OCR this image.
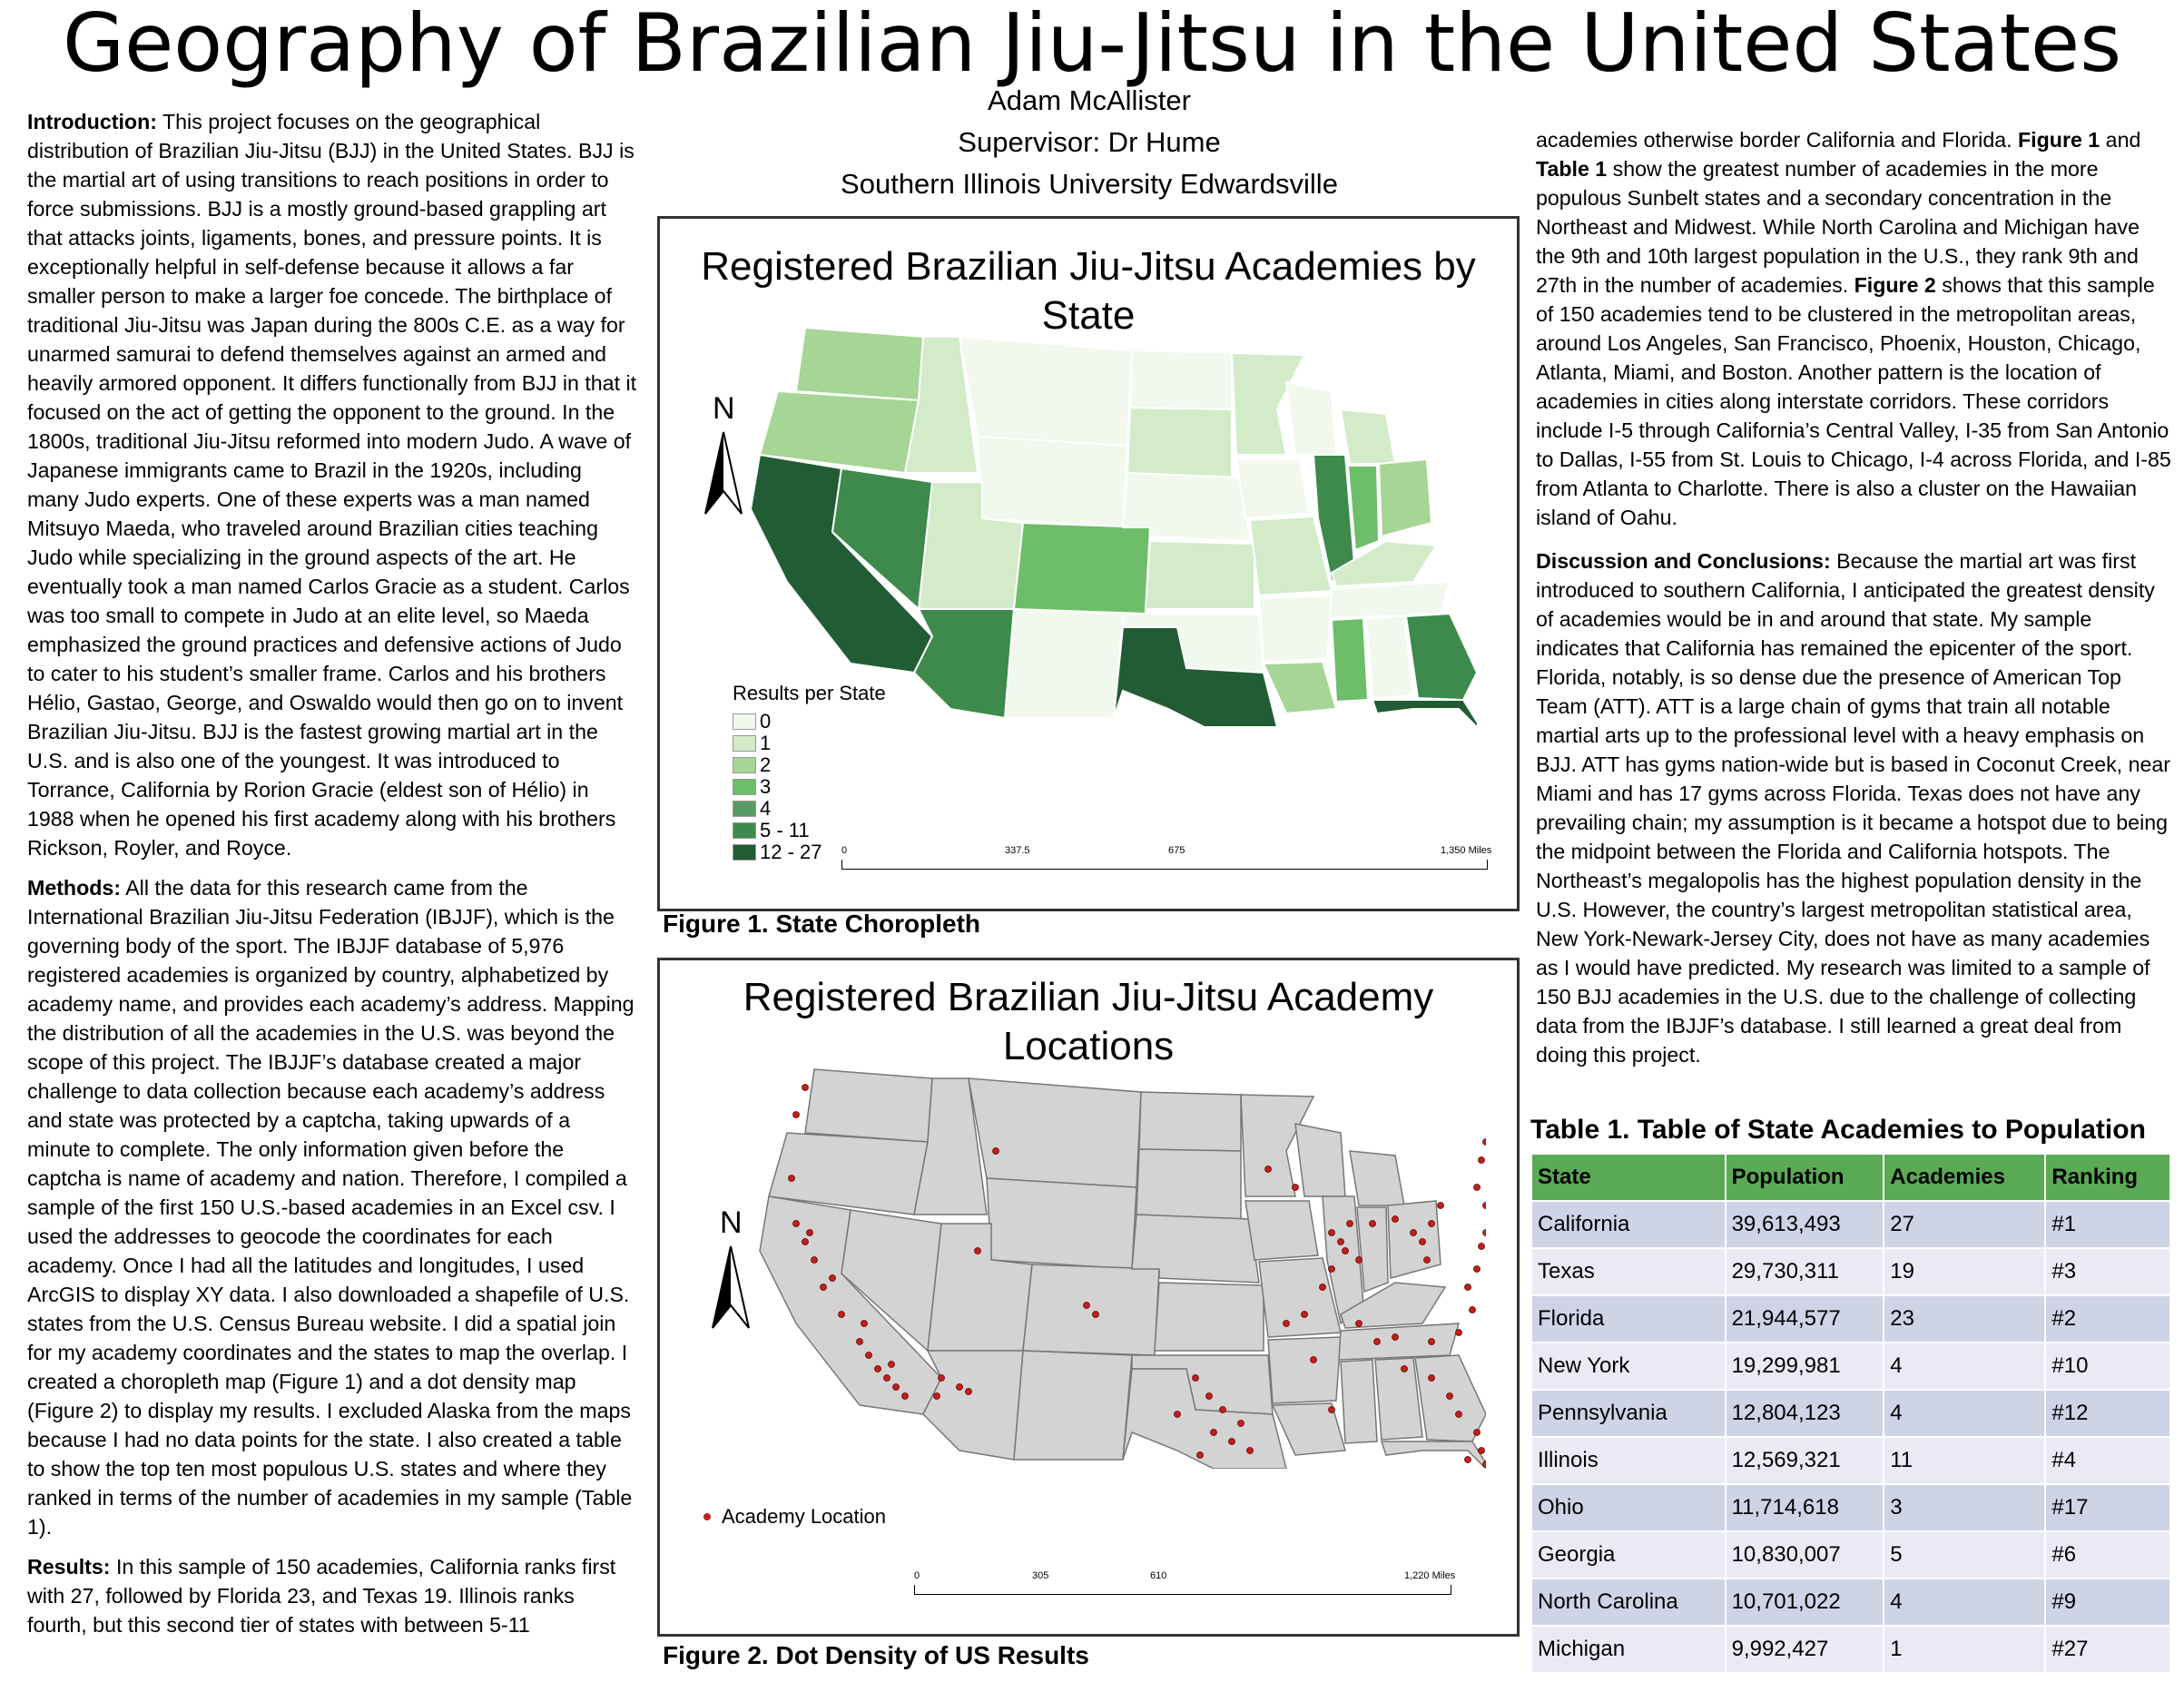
Geography of Brazilian Jiu-Jitsu in the United States
Adam McAllister
Supervisor: Dr Hume
Southern Illinois University Edwardsville

Introduction: This project focuses on the geographical distribution of Brazilian Jiu-Jitsu (BJJ) in the United States. BJJ is the martial art of using transitions to reach positions in order to force submissions. BJJ is a mostly ground-based grappling art that attacks joints, ligaments, bones, and pressure points. It is exceptionally helpful in self-defense because it allows a far smaller person to make a larger foe concede. The birthplace of traditional Jiu-Jitsu was Japan during the 800s C.E. as a way for unarmed samurai to defend themselves against an armed and heavily armored opponent. It differs functionally from BJJ in that it focused on the act of getting the opponent to the ground. In the 1800s, traditional Jiu-Jitsu reformed into modern Judo. A wave of Japanese immigrants came to Brazil in the 1920s, including many Judo experts. One of these experts was a man named Mitsuyo Maeda, who traveled around Brazilian cities teaching Judo while specializing in the ground aspects of the art. He eventually took a man named Carlos Gracie as a student. Carlos was too small to compete in Judo at an elite level, so Maeda emphasized the ground practices and defensive actions of Judo to cater to his student’s smaller frame. Carlos and his brothers Hélio, Gastao, George, and Oswaldo would then go on to invent Brazilian Jiu-Jitsu. BJJ is the fastest growing martial art in the U.S. and is also one of the youngest. It was introduced to Torrance, California by Rorion Gracie (eldest son of Hélio) in 1988 when he opened his first academy along with his brothers Rickson, Royler, and Royce.

Methods: All the data for this research came from the International Brazilian Jiu-Jitsu Federation (IBJJF), which is the governing body of the sport. The IBJJF database of 5,976 registered academies is organized by country, alphabetized by academy name, and provides each academy’s address. Mapping the distribution of all the academies in the U.S. was beyond the scope of this project. The IBJJF’s database created a major challenge to data collection because each academy’s address and state was protected by a captcha, taking upwards of a minute to complete. The only information given before the captcha is name of academy and nation. Therefore, I compiled a sample of the first 150 U.S.-based academies in an Excel csv. I used the addresses to geocode the coordinates for each academy. Once I had all the latitudes and longitudes, I used ArcGIS to display XY data. I also downloaded a shapefile of U.S. states from the U.S. Census Bureau website. I did a spatial join for my academy coordinates and the states to map the overlap. I created a choropleth map (Figure 1) and a dot density map (Figure 2) to display my results. I excluded Alaska from the maps because I had no data points for the state. I also created a table to show the top ten most populous U.S. states and where they ranked in terms of the number of academies in my sample (Table 1).

Results: In this sample of 150 academies, California ranks first with 27, followed by Florida 23, and Texas 19. Illinois ranks fourth, but this second tier of states with between 5-11

academies otherwise border California and Florida. Figure 1 and Table 1 show the greatest number of academies in the more populous Sunbelt states and a secondary concentration in the Northeast and Midwest. While North Carolina and Michigan have the 9th and 10th largest population in the U.S., they rank 9th and 27th in the number of academies. Figure 2 shows that this sample of 150 academies tend to be clustered in the metropolitan areas, around Los Angeles, San Francisco, Phoenix, Houston, Chicago, Atlanta, Miami, and Boston. Another pattern is the location of academies in cities along interstate corridors. These corridors include I-5 through California’s Central Valley, I-35 from San Antonio to Dallas, I-55 from St. Louis to Chicago, I-4 across Florida, and I-85 from Atlanta to Charlotte. There is also a cluster on the Hawaiian island of Oahu.

Discussion and Conclusions: Because the martial art was first introduced to southern California, I anticipated the greatest density of academies would be in and around that state. My sample indicates that California has remained the epicenter of the sport. Florida, notably, is so dense due the presence of American Top Team (ATT). ATT is a large chain of gyms that train all notable martial arts up to the professional level with a heavy emphasis on BJJ. ATT has gyms nation-wide but is based in Coconut Creek, near Miami and has 17 gyms across Florida. Texas does not have any prevailing chain; my assumption is it became a hotspot due to being the midpoint between the Florida and California hotspots. The Northeast’s megalopolis has the highest population density in the U.S. However, the country’s largest metropolitan statistical area, New York-Newark-Jersey City, does not have as many academies as I would have predicted. My research was limited to a sample of 150 BJJ academies in the U.S. due to the challenge of collecting data from the IBJJF’s database. I still learned a great deal from doing this project.

Registered Brazilian Jiu-Jitsu Academies by State
N
Results per State
0
1
2
3
4
5 - 11
12 - 27 0	337.5	675	1,350 Miles
Figure 1. State Choropleth
Registered Brazilian Jiu-Jitsu Academy Locations
N
Academy Location
0	305	610	1,220 Miles
Figure 2. Dot Density of US Results
Table 1. Table of State Academies to Population
State	Population	Academies	Ranking
California	39,613,493	27	#1
Texas	29,730,311	19	#3
Florida	21,944,577	23	#2
New York	19,299,981	4	#10
Pennsylvania	12,804,123	4	#12
Illinois	12,569,321	11	#4
Ohio	11,714,618	3	#17
Georgia	10,830,007	5	#6
North Carolina	10,701,022	4	#9
Michigan	9,992,427	1	#27
